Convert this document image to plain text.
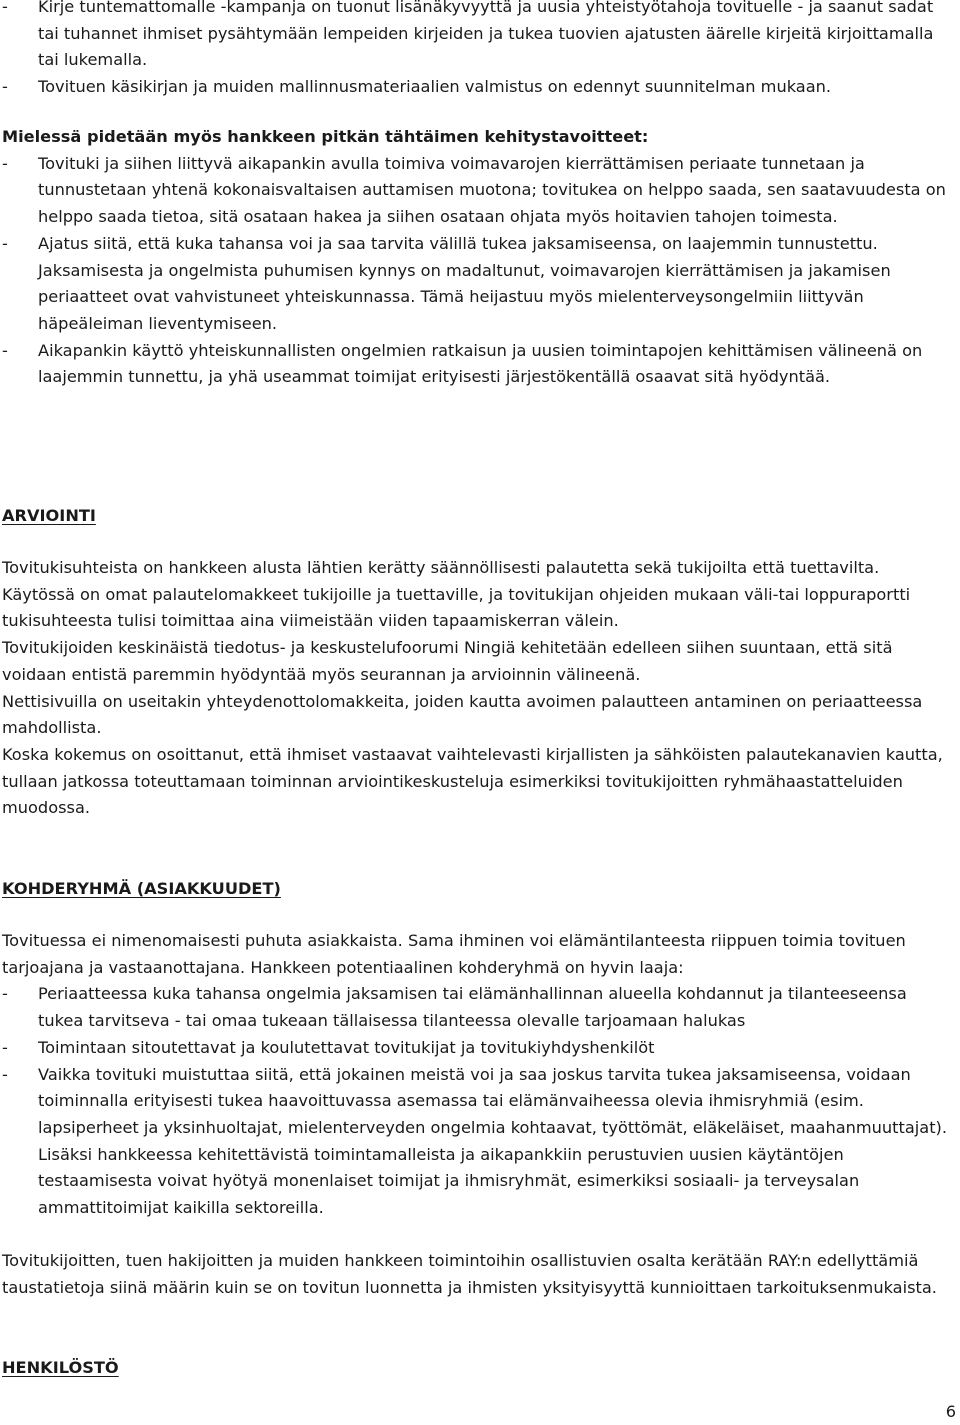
- Kirje tuntemattomalle -kampanja on tuonut lisänäkyvyyttä ja uusia yhteistyötahoja tovituelle - ja saanut sadat tai tuhannet ihmiset pysähtymään lempeiden kirjeiden ja tukea tuovien ajatusten äärelle kirjeitä kirjoittamalla tai lukemalla.
- Tovituen käsikirjan ja muiden mallinnusmateriaalien valmistus on edennyt suunnitelman mukaan.

Mielessä pidetään myös hankkeen pitkän tähtäimen kehitystavoitteet:

- Tovituki ja siihen liittyvä aikapankin avulla toimiva voimavarojen kierrättämisen periaate tunnetaan ja tunnustetaan yhtenä kokonaisvaltaisen auttamisen muotona; tovitukea on helppo saada, sen saatavuudesta on helppo saada tietoa, sitä osataan hakea ja siihen osataan ohjata myös hoitavien tahojen toimesta.
- Ajatus siitä, että kuka tahansa voi ja saa tarvita välillä tukea jaksamiseensa, on laajemmin tunnustettu. Jaksamisesta ja ongelmista puhumisen kynnys on madaltunut, voimavarojen kierrättämisen ja jakamisen periaatteet ovat vahvistuneet yhteiskunnassa. Tämä heijastuu myös mielenterveysongelmiin liittyvän häpeäleiman lieventymiseen.
- Aikapankin käyttö yhteiskunnallisten ongelmien ratkaisun ja uusien toimintapojen kehittämisen välineenä on laajemmin tunnettu, ja yhä useammat toimijat erityisesti järjestökentällä osaavat sitä hyödyntää.

ARVIOINTI

Tovitukisuhteista on hankkeen alusta lähtien kerätty säännöllisesti palautetta sekä tukijoilta että tuettavilta. Käytössä on omat palautelomakkeet tukijoille ja tuettaville, ja tovitukijan ohjeiden mukaan väli-tai loppuraportti tukisuhteesta tulisi toimittaa aina viimeistään viiden tapaamiskerran välein.

Tovitukijoiden keskinäistä tiedotus- ja keskustelufoorumi Ningiä kehitetään edelleen siihen suuntaan, että sitä voidaan entistä paremmin hyödyntää myös seurannan ja arvioinnin välineenä.

Nettisivuilla on useitakin yhteydenottolomakkeita, joiden kautta avoimen palautteen antaminen on periaatteessa mahdollista.

Koska kokemus on osoittanut, että ihmiset vastaavat vaihtelevasti kirjallisten ja sähköisten palautekanavien kautta, tullaan jatkossa toteuttamaan toiminnan arviointikeskusteluja esimerkiksi tovitukijoitten ryhmähaastatteluiden muodossa.

KOHDERYHMÄ (ASIAKKUUDET)

Tovituessa ei nimenomaisesti puhuta asiakkaista. Sama ihminen voi elämäntilanteesta riippuen toimia tovituen tarjoajana ja vastaanottajana. Hankkeen potentiaalinen kohderyhmä on hyvin laaja:

- Periaatteessa kuka tahansa ongelmia jaksamisen tai elämänhallinnan alueella kohdannut ja tilanteeseensa tukea tarvitseva - tai omaa tukeaan tällaisessa tilanteessa olevalle tarjoamaan halukas
- Toimintaan sitoutettavat ja koulutettavat tovitukijat ja tovitukiyhdyshenkilöt
- Vaikka tovituki muistuttaa siitä, että jokainen meistä voi ja saa joskus tarvita tukea jaksamiseensa, voidaan toiminnalla erityisesti tukea haavoittuvassa asemassa tai elämänvaiheessa olevia ihmisryhmiä (esim. lapsiperheet ja yksinhuoltajat, mielenterveyden ongelmia kohtaavat, työttömät, eläkeläiset, maahanmuuttajat). Lisäksi hankkeessa kehitettävistä toimintamalleista ja aikapankkiin perustuvien uusien käytäntöjen testaamisesta voivat hyötyä monenlaiset toimijat ja ihmisryhmät, esimerkiksi sosiaali- ja terveysalan ammattitoimijat kaikilla sektoreilla.

Tovitukijoitten, tuen hakijoitten ja muiden hankkeen toimintoihin osallistuvien osalta kerätään RAY:n edellyttämiä taustatietoja siinä määrin kuin se on tovitun luonnetta ja ihmisten yksityisyyttä kunnioittaen tarkoituksenmukaista.

HENKILÖSTÖ

6
